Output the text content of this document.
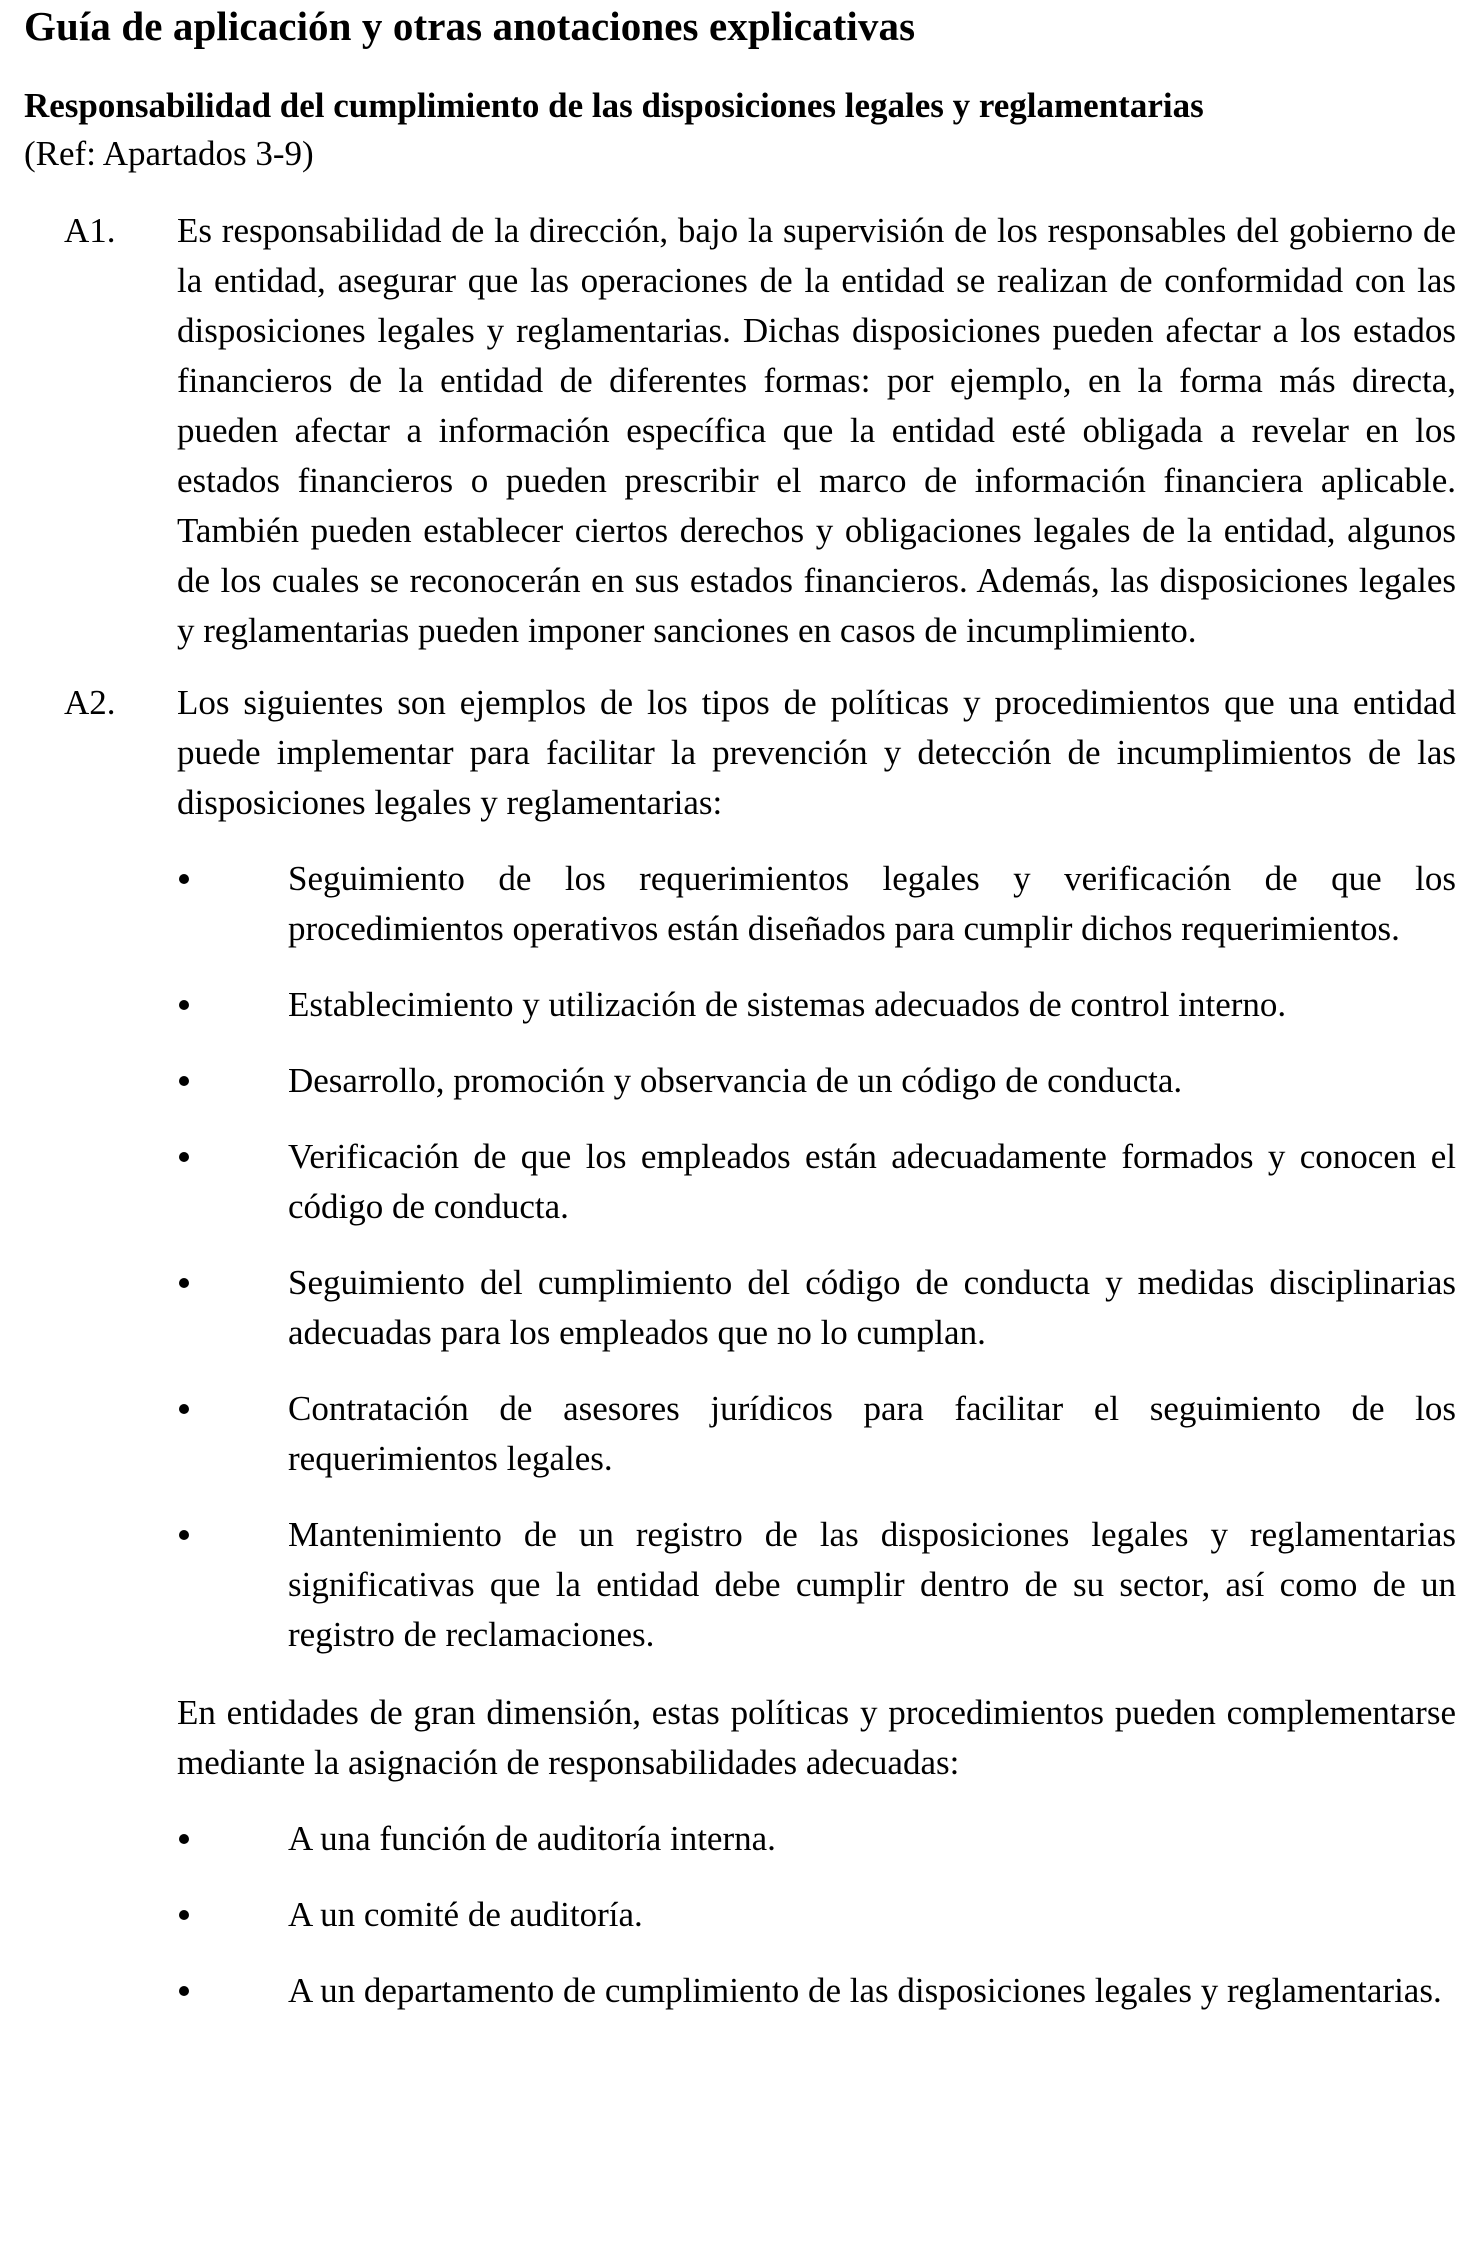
Guía de aplicación y otras anotaciones explicativas
Responsabilidad del cumplimiento de las disposiciones legales y reglamentarias
(Ref: Apartados 3-9)
A1.	Es responsabilidad de la dirección, bajo la supervisión de los responsables del gobierno de la entidad, asegurar que las operaciones de la entidad se realizan de conformidad con las disposiciones legales y reglamentarias. Dichas disposiciones pueden afectar a los estados financieros de la entidad de diferentes formas: por ejemplo, en la forma más directa, pueden afectar a información específica que la entidad esté obligada a revelar en los estados financieros o pueden prescribir el marco de información financiera aplicable. También pueden establecer ciertos derechos y obligaciones legales de la entidad, algunos de los cuales se reconocerán en sus estados financieros. Además, las disposiciones legales y reglamentarias pueden imponer sanciones en casos de incumplimiento.
A2.	Los siguientes son ejemplos de los tipos de políticas y procedimientos que una entidad puede implementar para facilitar la prevención y detección de incumplimientos de las disposiciones legales y reglamentarias:
Seguimiento de los requerimientos legales y verificación de que los procedimientos operativos están diseñados para cumplir dichos requerimientos.
Establecimiento y utilización de sistemas adecuados de control interno.
Desarrollo, promoción y observancia de un código de conducta.
Verificación de que los empleados están adecuadamente formados y conocen el código de conducta.
Seguimiento del cumplimiento del código de conducta y medidas disciplinarias adecuadas para los empleados que no lo cumplan.
Contratación de asesores jurídicos para facilitar el seguimiento de los requerimientos legales.
Mantenimiento de un registro de las disposiciones legales y reglamentarias significativas que la entidad debe cumplir dentro de su sector, así como de un registro de reclamaciones.
En entidades de gran dimensión, estas políticas y procedimientos pueden complementarse mediante la asignación de responsabilidades adecuadas:
A una función de auditoría interna.
A un comité de auditoría.
A un departamento de cumplimiento de las disposiciones legales y reglamentarias.
